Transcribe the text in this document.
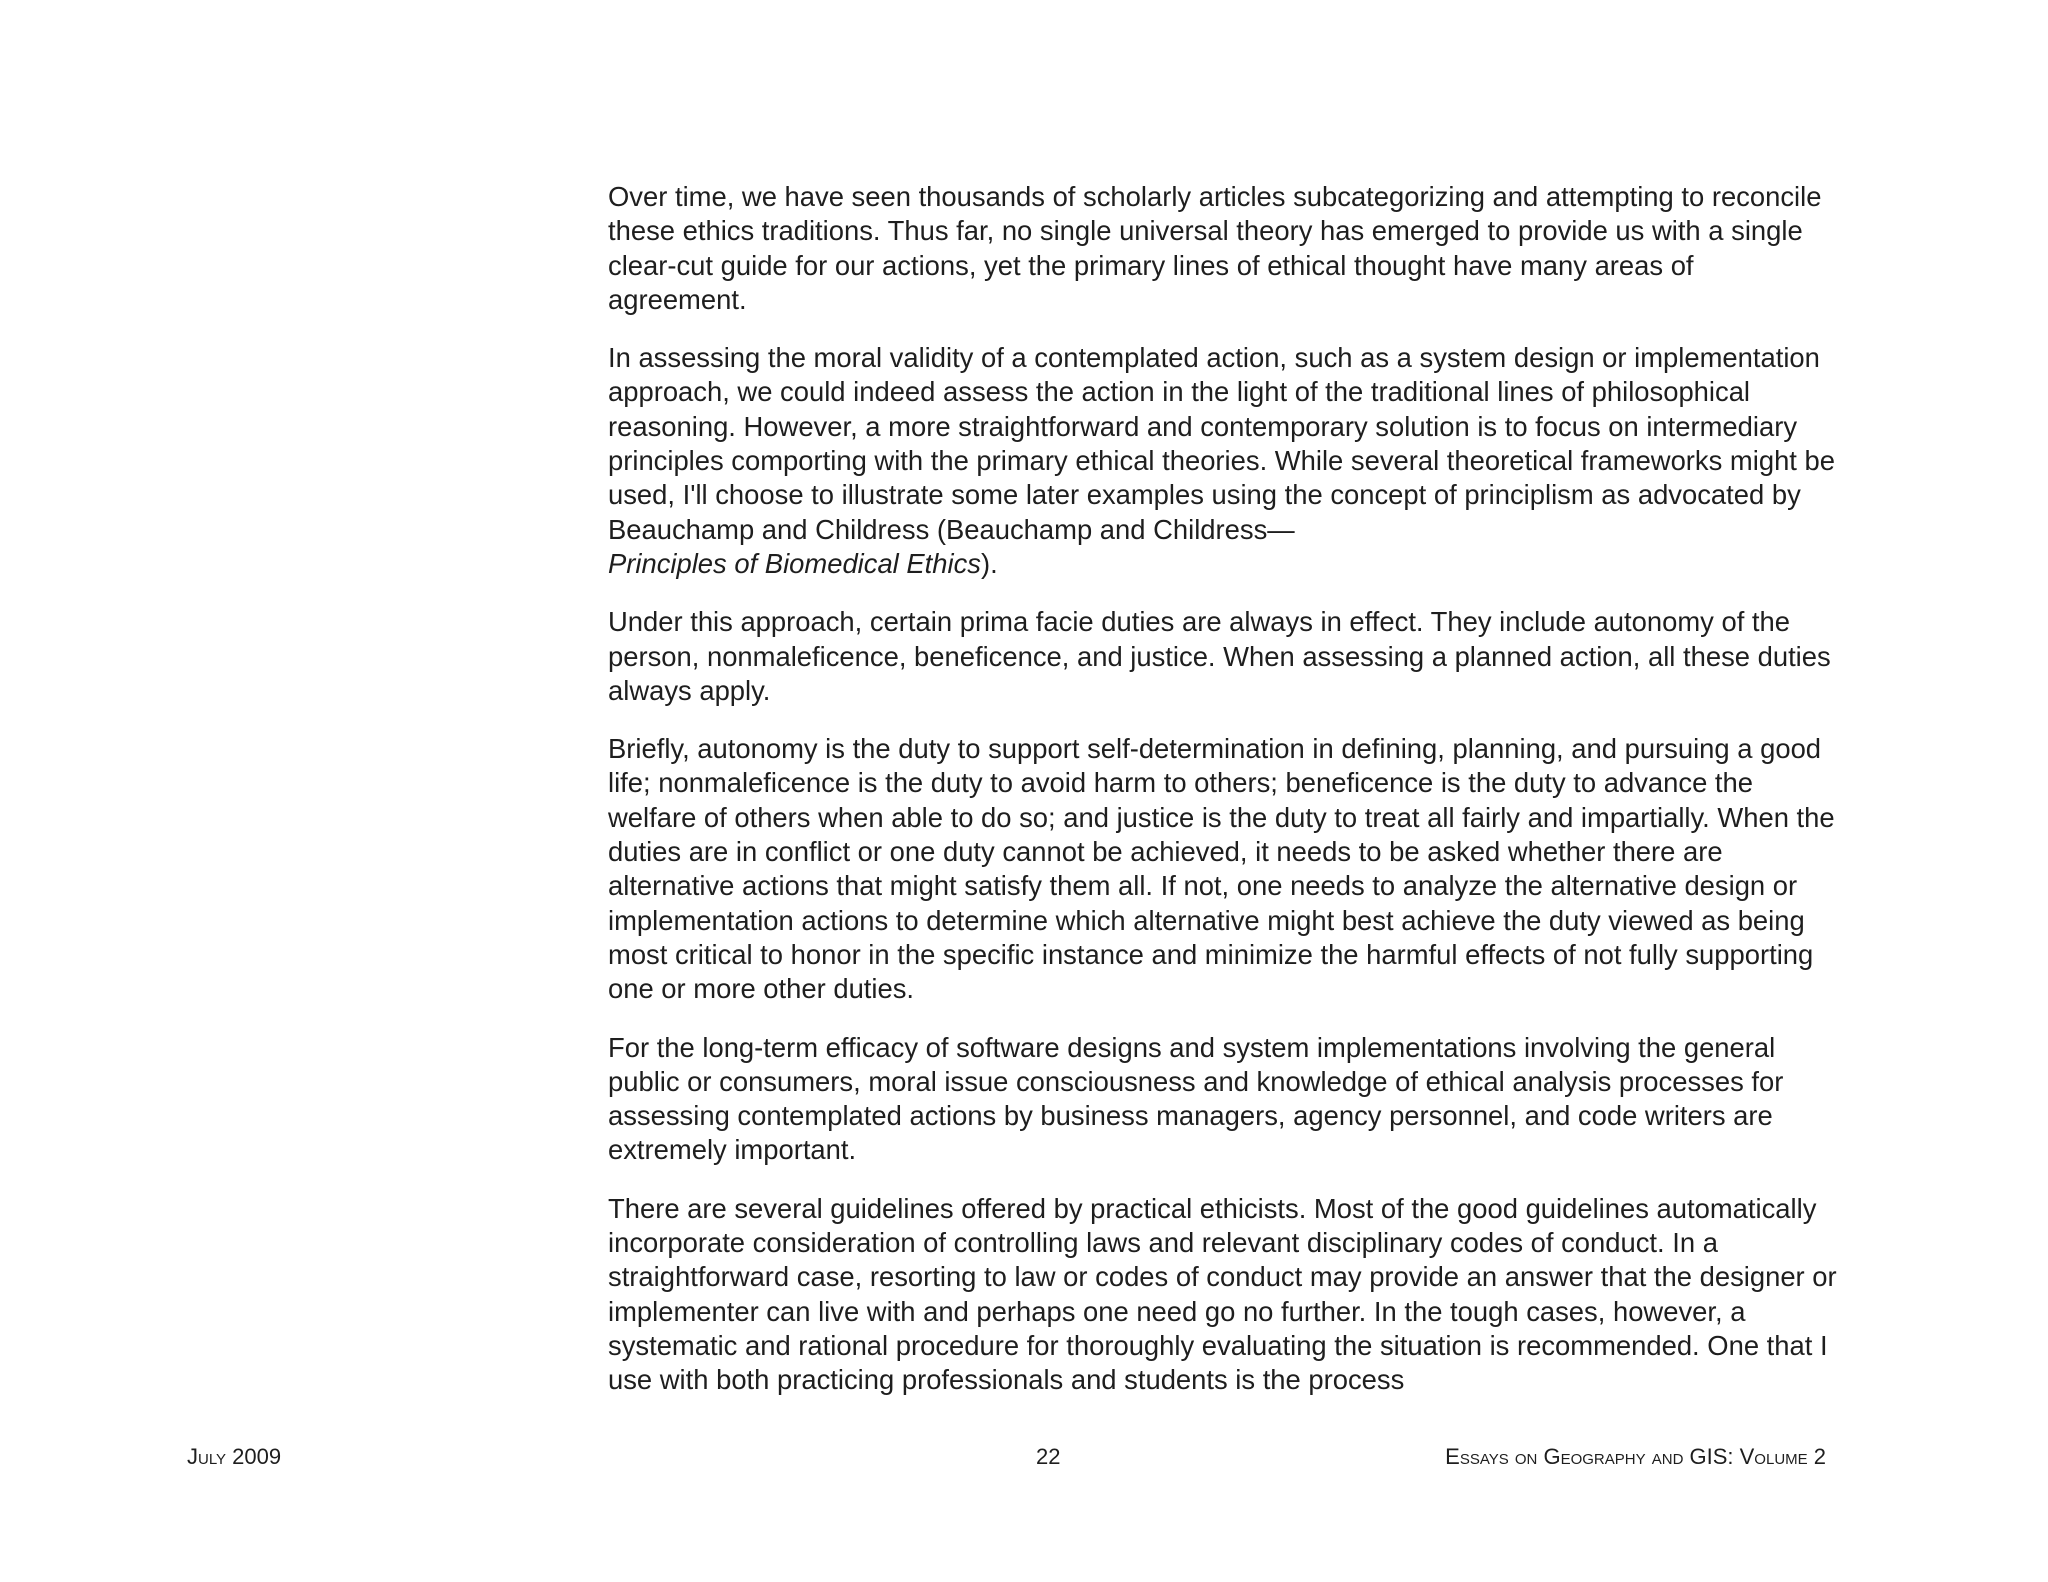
Over time, we have seen thousands of scholarly articles subcategorizing and attempting to reconcile these ethics traditions. Thus far, no single universal theory has emerged to provide us with a single clear-cut guide for our actions, yet the primary lines of ethical thought have many areas of agreement.

In assessing the moral validity of a contemplated action, such as a system design or implementation approach, we could indeed assess the action in the light of the traditional lines of philosophical reasoning. However, a more straightforward and contemporary solution is to focus on intermediary principles comporting with the primary ethical theories. While several theoretical frameworks might be used, I'll choose to illustrate some later examples using the concept of principlism as advocated by Beauchamp and Childress (Beauchamp and Childress—
Principles of Biomedical Ethics).

Under this approach, certain prima facie duties are always in effect. They include autonomy of the person, nonmaleficence, beneficence, and justice. When assessing a planned action, all these duties always apply.

Briefly, autonomy is the duty to support self-determination in defining, planning, and pursuing a good life; nonmaleficence is the duty to avoid harm to others; beneficence is the duty to advance the welfare of others when able to do so; and justice is the duty to treat all fairly and impartially. When the duties are in conflict or one duty cannot be achieved, it needs to be asked whether there are alternative actions that might satisfy them all. If not, one needs to analyze the alternative design or implementation actions to determine which alternative might best achieve the duty viewed as being most critical to honor in the specific instance and minimize the harmful effects of not fully supporting one or more other duties.

For the long-term efficacy of software designs and system implementations involving the general public or consumers, moral issue consciousness and knowledge of ethical analysis processes for assessing contemplated actions by business managers, agency personnel, and code writers are extremely important.

There are several guidelines offered by practical ethicists. Most of the good guidelines automatically incorporate consideration of controlling laws and relevant disciplinary codes of conduct. In a straightforward case, resorting to law or codes of conduct may provide an answer that the designer or implementer can live with and perhaps one need go no further. In the tough cases, however, a systematic and rational procedure for thoroughly evaluating the situation is recommended. One that I use with both practicing professionals and students is the process

July 2009	22	Essays on Geography and GIS: Volume 2
